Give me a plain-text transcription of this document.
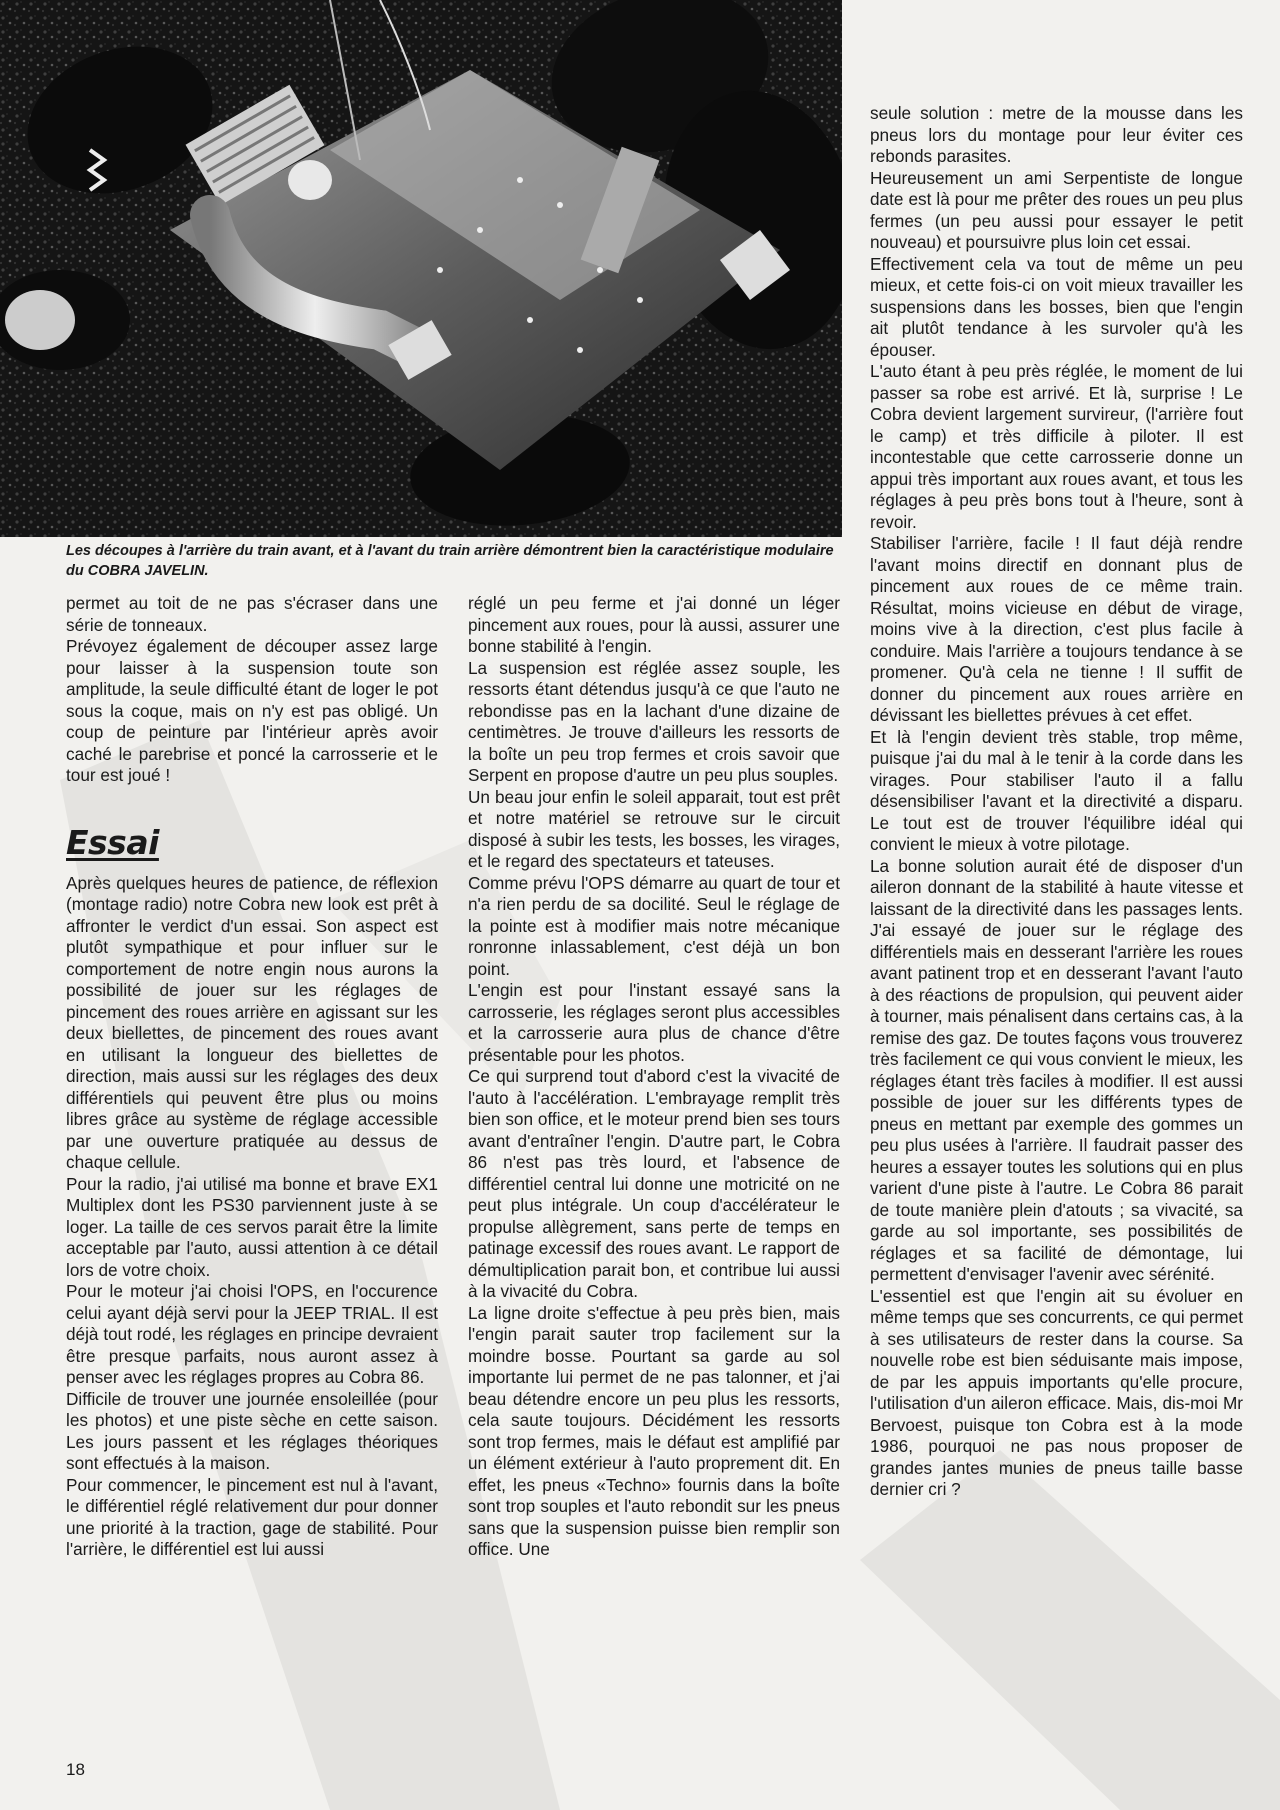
Les découpes à l'arrière du train avant, et à l'avant du train arrière démontrent bien la caractéristique modulaire du COBRA JAVELIN.

permet au toit de ne pas s'écraser dans une série de tonneaux.

Prévoyez également de découper assez large pour laisser à la suspension toute son amplitude, la seule difficulté étant de loger le pot sous la coque, mais on n'y est pas obligé. Un coup de peinture par l'intérieur après avoir caché le parebrise et poncé la carrosserie et le tour est joué !

Essai

Après quelques heures de patience, de réflexion (montage radio) notre Cobra new look est prêt à affronter le verdict d'un essai. Son aspect est plutôt sympathique et pour influer sur le comportement de notre engin nous aurons la possibilité de jouer sur les réglages de pincement des roues arrière en agissant sur les deux biellettes, de pincement des roues avant en utilisant la longueur des biellettes de direction, mais aussi sur les réglages des deux différentiels qui peuvent être plus ou moins libres grâce au système de réglage accessible par une ouverture pratiquée au dessus de chaque cellule.

Pour la radio, j'ai utilisé ma bonne et brave EX1 Multiplex dont les PS30 parviennent juste à se loger. La taille de ces servos parait être la limite acceptable par l'auto, aussi attention à ce détail lors de votre choix.

Pour le moteur j'ai choisi l'OPS, en l'occurence celui ayant déjà servi pour la JEEP TRIAL. Il est déjà tout rodé, les réglages en principe devraient être presque parfaits, nous auront assez à penser avec les réglages propres au Cobra 86.

Difficile de trouver une journée ensoleillée (pour les photos) et une piste sèche en cette saison. Les jours passent et les réglages théoriques sont effectués à la maison.

Pour commencer, le pincement est nul à l'avant, le différentiel réglé relativement dur pour donner une priorité à la traction, gage de stabilité. Pour l'arrière, le différentiel est lui aussi

réglé un peu ferme et j'ai donné un léger pincement aux roues, pour là aussi, assurer une bonne stabilité à l'engin.

La suspension est réglée assez souple, les ressorts étant détendus jusqu'à ce que l'auto ne rebondisse pas en la lachant d'une dizaine de centimètres. Je trouve d'ailleurs les ressorts de la boîte un peu trop fermes et crois savoir que Serpent en propose d'autre un peu plus souples.

Un beau jour enfin le soleil apparait, tout est prêt et notre matériel se retrouve sur le circuit disposé à subir les tests, les bosses, les virages, et le regard des spectateurs et tateuses.

Comme prévu l'OPS démarre au quart de tour et n'a rien perdu de sa docilité. Seul le réglage de la pointe est à modifier mais notre mécanique ronronne inlassablement, c'est déjà un bon point.

L'engin est pour l'instant essayé sans la carrosserie, les réglages seront plus accessibles et la carrosserie aura plus de chance d'être présentable pour les photos.

Ce qui surprend tout d'abord c'est la vivacité de l'auto à l'accélération. L'embrayage remplit très bien son office, et le moteur prend bien ses tours avant d'entraîner l'engin. D'autre part, le Cobra 86 n'est pas très lourd, et l'absence de différentiel central lui donne une motricité on ne peut plus intégrale. Un coup d'accélérateur le propulse allègrement, sans perte de temps en patinage excessif des roues avant. Le rapport de démultiplication parait bon, et contribue lui aussi à la vivacité du Cobra.

La ligne droite s'effectue à peu près bien, mais l'engin parait sauter trop facilement sur la moindre bosse. Pourtant sa garde au sol importante lui permet de ne pas talonner, et j'ai beau détendre encore un peu plus les ressorts, cela saute toujours. Décidément les ressorts sont trop fermes, mais le défaut est amplifié par un élément extérieur à l'auto proprement dit. En effet, les pneus «Techno» fournis dans la boîte sont trop souples et l'auto rebondit sur les pneus sans que la suspension puisse bien remplir son office. Une

seule solution : metre de la mousse dans les pneus lors du montage pour leur éviter ces rebonds parasites.

Heureusement un ami Serpentiste de longue date est là pour me prêter des roues un peu plus fermes (un peu aussi pour essayer le petit nouveau) et poursuivre plus loin cet essai.

Effectivement cela va tout de même un peu mieux, et cette fois-ci on voit mieux travailler les suspensions dans les bosses, bien que l'engin ait plutôt tendance à les survoler qu'à les épouser.

L'auto étant à peu près réglée, le moment de lui passer sa robe est arrivé. Et là, surprise ! Le Cobra devient largement survireur, (l'arrière fout le camp) et très difficile à piloter. Il est incontestable que cette carrosserie donne un appui très important aux roues avant, et tous les réglages à peu près bons tout à l'heure, sont à revoir.

Stabiliser l'arrière, facile ! Il faut déjà rendre l'avant moins directif en donnant plus de pincement aux roues de ce même train. Résultat, moins vicieuse en début de virage, moins vive à la direction, c'est plus facile à conduire. Mais l'arrière a toujours tendance à se promener. Qu'à cela ne tienne ! Il suffit de donner du pincement aux roues arrière en dévissant les biellettes prévues à cet effet.

Et là l'engin devient très stable, trop même, puisque j'ai du mal à le tenir à la corde dans les virages. Pour stabiliser l'auto il a fallu désensibiliser l'avant et la directivité a disparu. Le tout est de trouver l'équilibre idéal qui convient le mieux à votre pilotage.

La bonne solution aurait été de disposer d'un aileron donnant de la stabilité à haute vitesse et laissant de la directivité dans les passages lents. J'ai essayé de jouer sur le réglage des différentiels mais en desserant l'arrière les roues avant patinent trop et en desserant l'avant l'auto à des réactions de propulsion, qui peuvent aider à tourner, mais pénalisent dans certains cas, à la remise des gaz. De toutes façons vous trouverez très facilement ce qui vous convient le mieux, les réglages étant très faciles à modifier. Il est aussi possible de jouer sur les différents types de pneus en mettant par exemple des gommes un peu plus usées à l'arrière. Il faudrait passer des heures a essayer toutes les solutions qui en plus varient d'une piste à l'autre. Le Cobra 86 parait de toute manière plein d'atouts ; sa vivacité, sa garde au sol importante, ses possibilités de réglages et sa facilité de démontage, lui permettent d'envisager l'avenir avec sérénité.

L'essentiel est que l'engin ait su évoluer en même temps que ses concurrents, ce qui permet à ses utilisateurs de rester dans la course. Sa nouvelle robe est bien séduisante mais impose, de par les appuis importants qu'elle procure, l'utilisation d'un aileron efficace. Mais, dis-moi Mr Bervoest, puisque ton Cobra est à la mode 1986, pourquoi ne pas nous proposer de grandes jantes munies de pneus taille basse dernier cri ?

18
